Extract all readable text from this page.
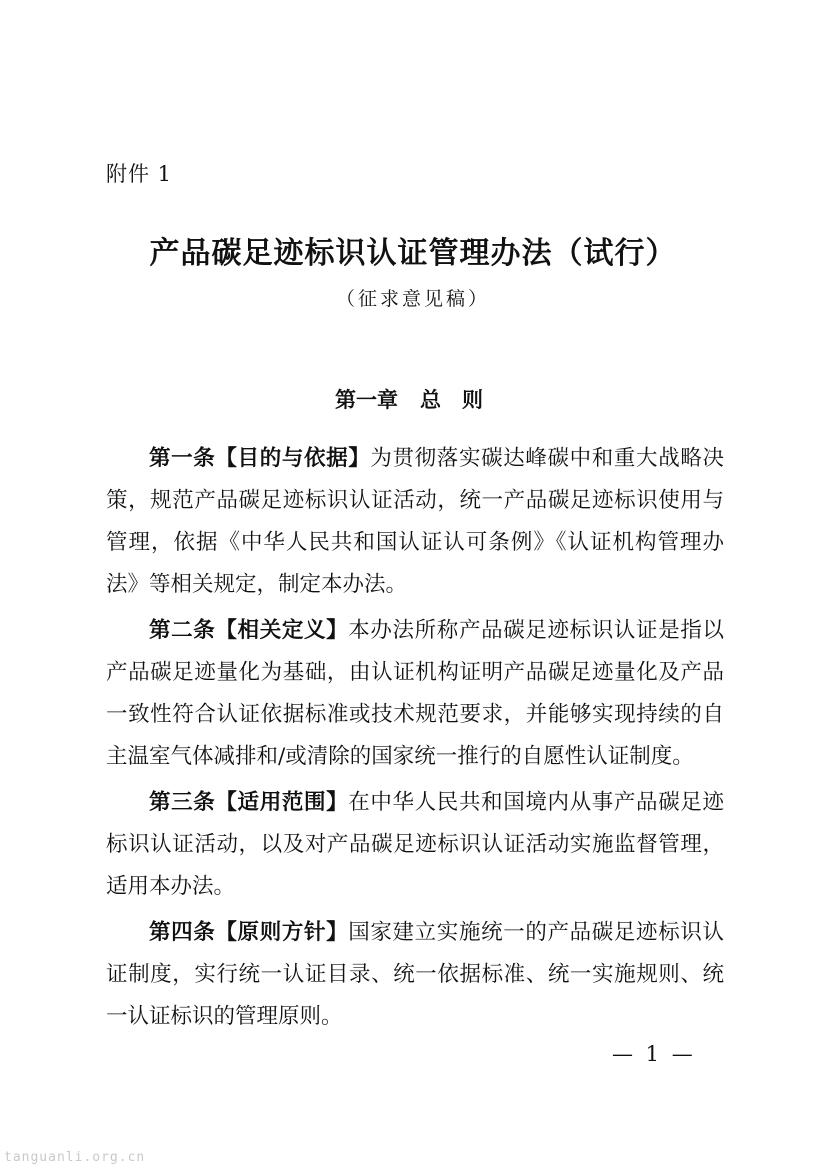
附件 1
产品碳足迹标识认证管理办法（试行）
（征求意见稿）
第一章 总　则

第一条【目的与依据】为贯彻落实碳达峰碳中和重大战略决策，规范产品碳足迹标识认证活动，统一产品碳足迹标识使用与管理，依据《中华人民共和国认证认可条例》《认证机构管理办法》等相关规定，制定本办法。

第二条【相关定义】本办法所称产品碳足迹标识认证是指以产品碳足迹量化为基础，由认证机构证明产品碳足迹量化及产品一致性符合认证依据标准或技术规范要求，并能够实现持续的自主温室气体减排和/或清除的国家统一推行的自愿性认证制度。

第三条【适用范围】在中华人民共和国境内从事产品碳足迹标识认证活动，以及对产品碳足迹标识认证活动实施监督管理，适用本办法。

第四条【原则方针】国家建立实施统一的产品碳足迹标识认证制度，实行统一认证目录、统一依据标准、统一实施规则、统一认证标识的管理原则。

— 1 —
tanguanli.org.cn
